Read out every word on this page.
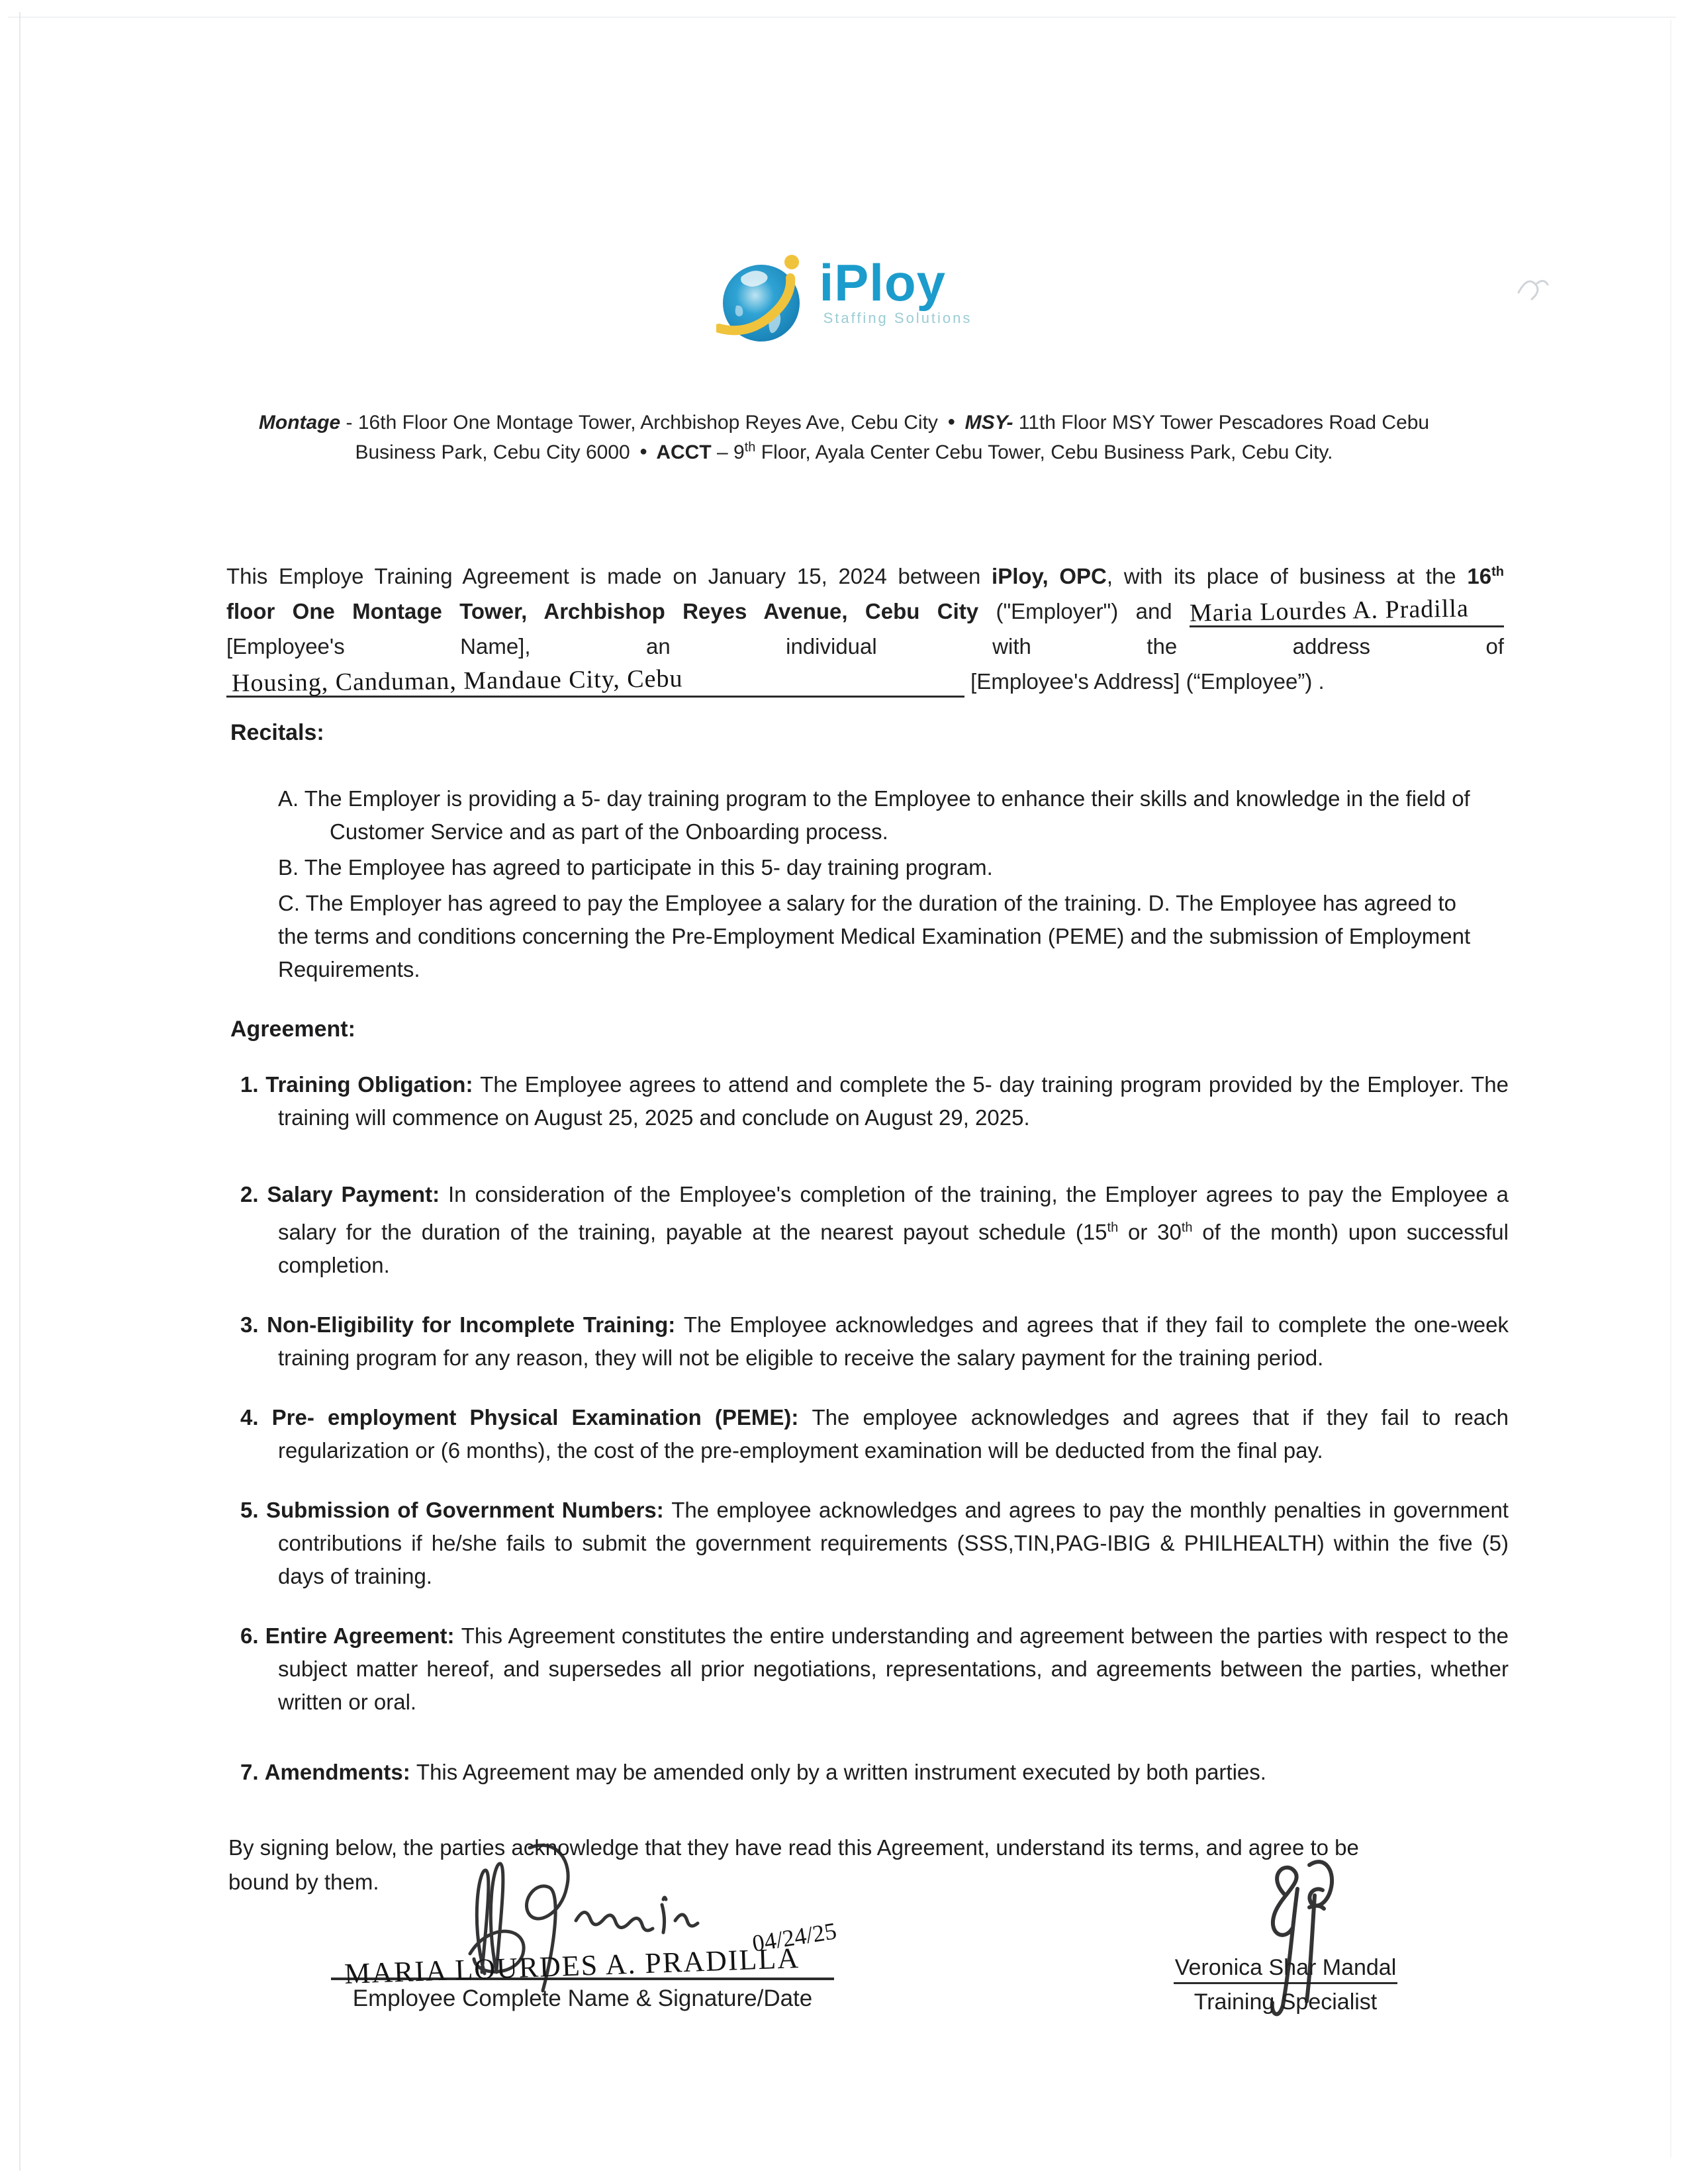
iPloy
Staffing Solutions
Montage - 16th Floor One Montage Tower, Archbishop Reyes Ave, Cebu City ● MSY- 11th Floor MSY Tower Pescadores Road Cebu Business Park, Cebu City 6000 ● ACCT – 9th Floor, Ayala Center Cebu Tower, Cebu Business Park, Cebu City.
This Employe Training Agreement is made on January 15, 2024 between iPloy, OPC, with its place of business at the 16th
floor One Montage Tower, Archbishop Reyes Avenue, Cebu City ("Employer") and Maria Lourdes A. Pradilla
[Employee's Name], an individual with the address of
Housing, Canduman, Mandaue City, Cebu	[Employee's Address] (“Employee”) .
Recitals:
A. The Employer is providing a 5- day training program to the Employee to enhance their skills and knowledge in the field of Customer Service and as part of the Onboarding process.
B. The Employee has agreed to participate in this 5- day training program.
C. The Employer has agreed to pay the Employee a salary for the duration of the training. D. The Employee has agreed to the terms and conditions concerning the Pre-Employment Medical Examination (PEME) and the submission of Employment Requirements.
Agreement:
1. Training Obligation: The Employee agrees to attend and complete the 5- day training program provided by the Employer. The training will commence on August 25, 2025 and conclude on August 29, 2025.
2. Salary Payment: In consideration of the Employee's completion of the training, the Employer agrees to pay the Employee a salary for the duration of the training, payable at the nearest payout schedule (15th or 30th of the month) upon successful completion.
3. Non-Eligibility for Incomplete Training: The Employee acknowledges and agrees that if they fail to complete the one-week training program for any reason, they will not be eligible to receive the salary payment for the training period.
4. Pre- employment Physical Examination (PEME): The employee acknowledges and agrees that if they fail to reach regularization or (6 months), the cost of the pre-employment examination will be deducted from the final pay.
5. Submission of Government Numbers: The employee acknowledges and agrees to pay the monthly penalties in government contributions if he/she fails to submit the government requirements (SSS,TIN,PAG-IBIG & PHILHEALTH) within the five (5) days of training.
6. Entire Agreement: This Agreement constitutes the entire understanding and agreement between the parties with respect to the subject matter hereof, and supersedes all prior negotiations, representations, and agreements between the parties, whether written or oral.
7. Amendments: This Agreement may be amended only by a written instrument executed by both parties.
By signing below, the parties acknowledge that they have read this Agreement, understand its terms, and agree to be bound by them.
MARIA LOURDES A. PRADILLA
04/24/25
Employee Complete Name & Signature/Date
Veronica Shar Mandal
Training Specialist
